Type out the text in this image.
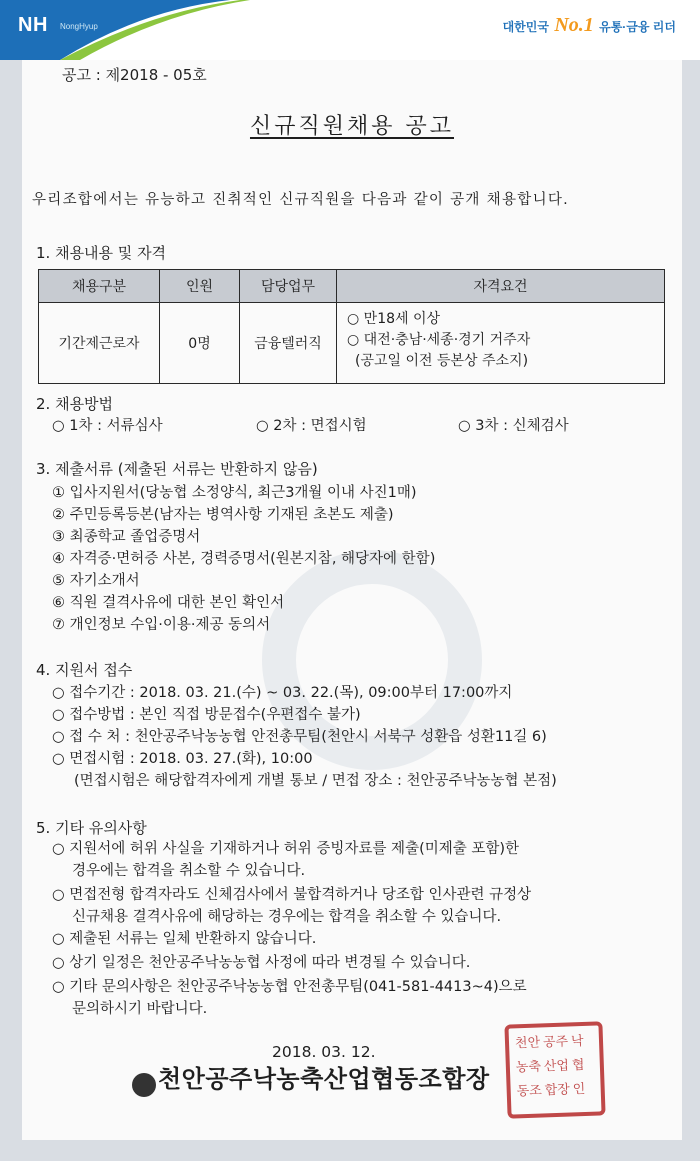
NH NongHyup	대한민국 No.1 유통·금융 리더
공고 : 제2018 - 05호
신규직원채용 공고
우리조합에서는 유능하고 진취적인 신규직원을 다음과 같이 공개 채용합니다.
1. 채용내용 및 자격
채용구분	인원	담당업무	자격요건
기간제근로자	0명	금융텔러직	○ 만18세 이상
○ 대전·충남·세종·경기 거주자
(공고일 이전 등본상 주소지)
2. 채용방법
○ 1차 : 서류심사	○ 2차 : 면접시험	○ 3차 : 신체검사
3. 제출서류 (제출된 서류는 반환하지 않음)
① 입사지원서(당농협 소정양식, 최근3개월 이내 사진1매)
② 주민등록등본(남자는 병역사항 기재된 초본도 제출)
③ 최종학교 졸업증명서
④ 자격증·면허증 사본, 경력증명서(원본지참, 해당자에 한함)
⑤ 자기소개서
⑥ 직원 결격사유에 대한 본인 확인서
⑦ 개인정보 수입·이용·제공 동의서
4. 지원서 접수
○ 접수기간 : 2018. 03. 21.(수) ~ 03. 22.(목), 09:00부터 17:00까지
○ 접수방법 : 본인 직접 방문접수(우편접수 불가)
○ 접 수 처 : 천안공주낙농농협 안전총무팀(천안시 서북구 성환읍 성환11길 6)
○ 면접시험 : 2018. 03. 27.(화), 10:00
(면접시험은 해당합격자에게 개별 통보 / 면접 장소 : 천안공주낙농농협 본점)
5. 기타 유의사항
○ 지원서에 허위 사실을 기재하거나 허위 증빙자료를 제출(미제출 포함)한
경우에는 합격을 취소할 수 있습니다.
○ 면접전형 합격자라도 신체검사에서 불합격하거나 당조합 인사관련 규정상
신규채용 결격사유에 해당하는 경우에는 합격을 취소할 수 있습니다.
○ 제출된 서류는 일체 반환하지 않습니다.
○ 상기 일정은 천안공주낙농농협 사정에 따라 변경될 수 있습니다.
○ 기타 문의사항은 천안공주낙농농협 안전총무팀(041-581-4413~4)으로
문의하시기 바랍니다.
2018. 03. 12.
천안공주낙농축산업협동조합장
천안 공주 낙
농축 산업 협
동조 합장 인
